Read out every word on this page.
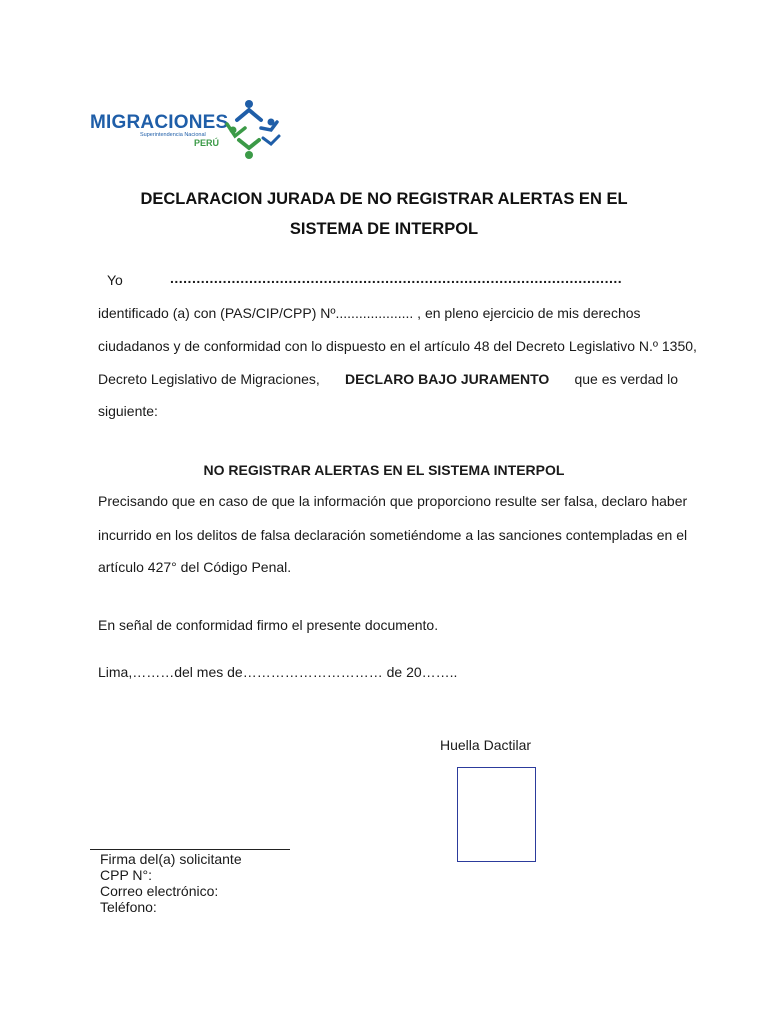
MIGRACIONES
Superintendencia Nacional
PERÚ
DECLARACION JURADA DE NO REGISTRAR ALERTAS EN EL
SISTEMA DE INTERPOL
Yo	.......................................................................................................
identificado (a) con (PAS/CIP/CPP) Nº.................... , en pleno ejercicio de mis derechos
ciudadanos y de conformidad con lo dispuesto en el artículo 48 del Decreto Legislativo N.º 1350,
Decreto Legislativo de Migraciones, DECLARO BAJO JURAMENTO que es verdad lo
siguiente:
NO REGISTRAR ALERTAS EN EL SISTEMA INTERPOL
Precisando que en caso de que la información que proporciono resulte ser falsa, declaro haber
incurrido en los delitos de falsa declaración sometiéndome a las sanciones contempladas en el
artículo 427° del Código Penal.
En señal de conformidad firmo el presente documento.
Lima,………del mes de………………………… de 20……..
Huella Dactilar
Firma del(a) solicitante
CPP N°:
Correo electrónico:
Teléfono:
